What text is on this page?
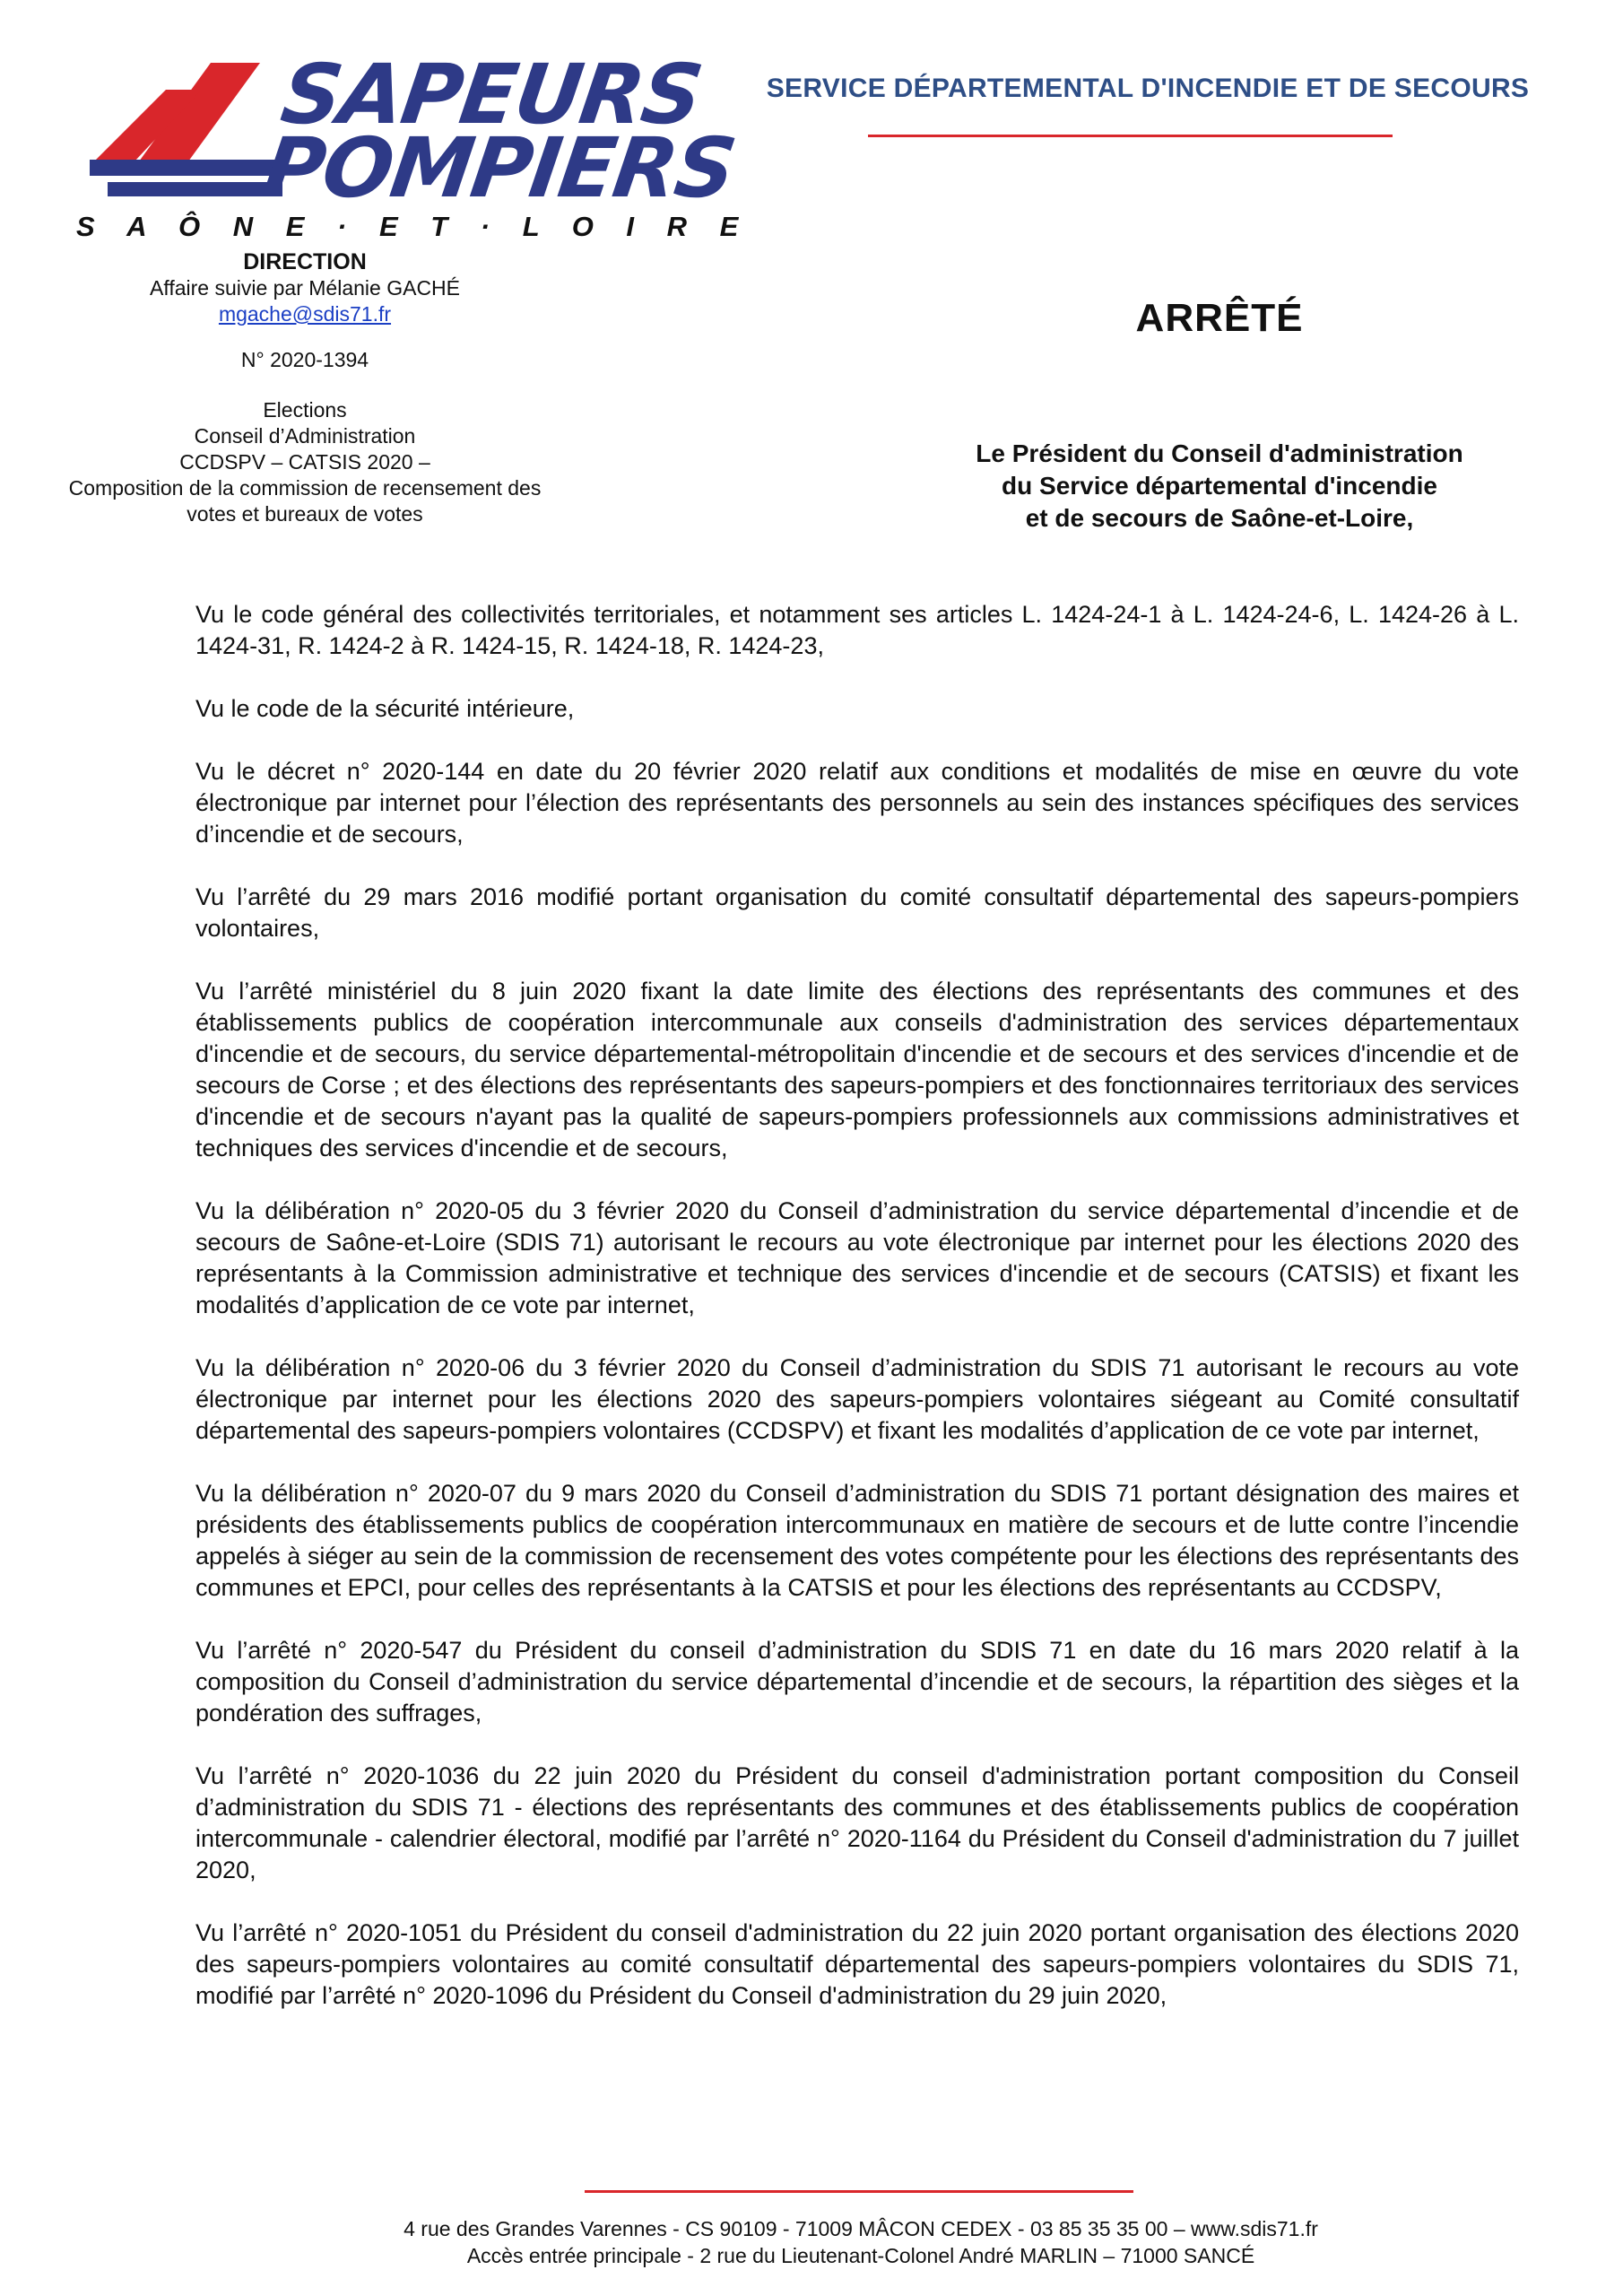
SAPEURS
POMPIERS
S A Ô N E · E T · L O I R E
SERVICE DÉPARTEMENTAL D'INCENDIE ET DE SECOURS
DIRECTION
Affaire suivie par Mélanie GACHÉ
mgache@sdis71.fr
N° 2020-1394
Elections
Conseil d’Administration
CCDSPV – CATSIS 2020 –
Composition de la commission de recensement des
votes et bureaux de votes
ARRÊTÉ
Le Président du Conseil d'administration
du Service départemental d'incendie
et de secours de Saône-et-Loire,

Vu le code général des collectivités territoriales, et notamment ses articles L. 1424-24-1 à L. 1424-24-6, L. 1424-26 à L. 1424-31, R. 1424-2 à R. 1424-15, R. 1424-18, R. 1424-23,

Vu le code de la sécurité intérieure,

Vu le décret n° 2020-144 en date du 20 février 2020 relatif aux conditions et modalités de mise en œuvre du vote électronique par internet pour l’élection des représentants des personnels au sein des instances spécifiques des services d’incendie et de secours,

Vu l’arrêté du 29 mars 2016 modifié portant organisation du comité consultatif départemental des sapeurs-pompiers volontaires,

Vu l’arrêté ministériel du 8 juin 2020 fixant la date limite des élections des représentants des communes et des établissements publics de coopération intercommunale aux conseils d'administration des services départementaux d'incendie et de secours, du service départemental-métropolitain d'incendie et de secours et des services d'incendie et de secours de Corse ; et des élections des représentants des sapeurs-pompiers et des fonctionnaires territoriaux des services d'incendie et de secours n'ayant pas la qualité de sapeurs-pompiers professionnels aux commissions administratives et techniques des services d'incendie et de secours,

Vu la délibération n° 2020-05 du 3 février 2020 du Conseil d’administration du service départemental d’incendie et de secours de Saône-et-Loire (SDIS 71) autorisant le recours au vote électronique par internet pour les élections 2020 des représentants à la Commission administrative et technique des services d'incendie et de secours (CATSIS) et fixant les modalités d’application de ce vote par internet,

Vu la délibération n° 2020-06 du 3 février 2020 du Conseil d’administration du SDIS 71 autorisant le recours au vote électronique par internet pour les élections 2020 des sapeurs-pompiers volontaires siégeant au Comité consultatif départemental des sapeurs-pompiers volontaires (CCDSPV) et fixant les modalités d’application de ce vote par internet,

Vu la délibération n° 2020-07 du 9 mars 2020 du Conseil d’administration du SDIS 71 portant désignation des maires et présidents des établissements publics de coopération intercommunaux en matière de secours et de lutte contre l’incendie appelés à siéger au sein de la commission de recensement des votes compétente pour les élections des représentants des communes et EPCI, pour celles des représentants à la CATSIS et pour les élections des représentants au CCDSPV,

Vu l’arrêté n° 2020-547 du Président du conseil d’administration du SDIS 71 en date du 16 mars 2020 relatif à la composition du Conseil d’administration du service départemental d’incendie et de secours, la répartition des sièges et la pondération des suffrages,

Vu l’arrêté n° 2020-1036 du 22 juin 2020 du Président du conseil d'administration portant composition du Conseil d’administration du SDIS 71 - élections des représentants des communes et des établissements publics de coopération intercommunale - calendrier électoral, modifié par l’arrêté n° 2020-1164 du Président du Conseil d'administration du 7 juillet 2020,

Vu l’arrêté n° 2020-1051 du Président du conseil d'administration du 22 juin 2020 portant organisation des élections 2020 des sapeurs-pompiers volontaires au comité consultatif départemental des sapeurs-pompiers volontaires du SDIS 71, modifié par l’arrêté n° 2020-1096 du Président du Conseil d'administration du 29 juin 2020,

4 rue des Grandes Varennes - CS 90109 - 71009 MÂCON CEDEX - 03 85 35 35 00 – www.sdis71.fr
Accès entrée principale - 2 rue du Lieutenant-Colonel André MARLIN – 71000 SANCÉ
